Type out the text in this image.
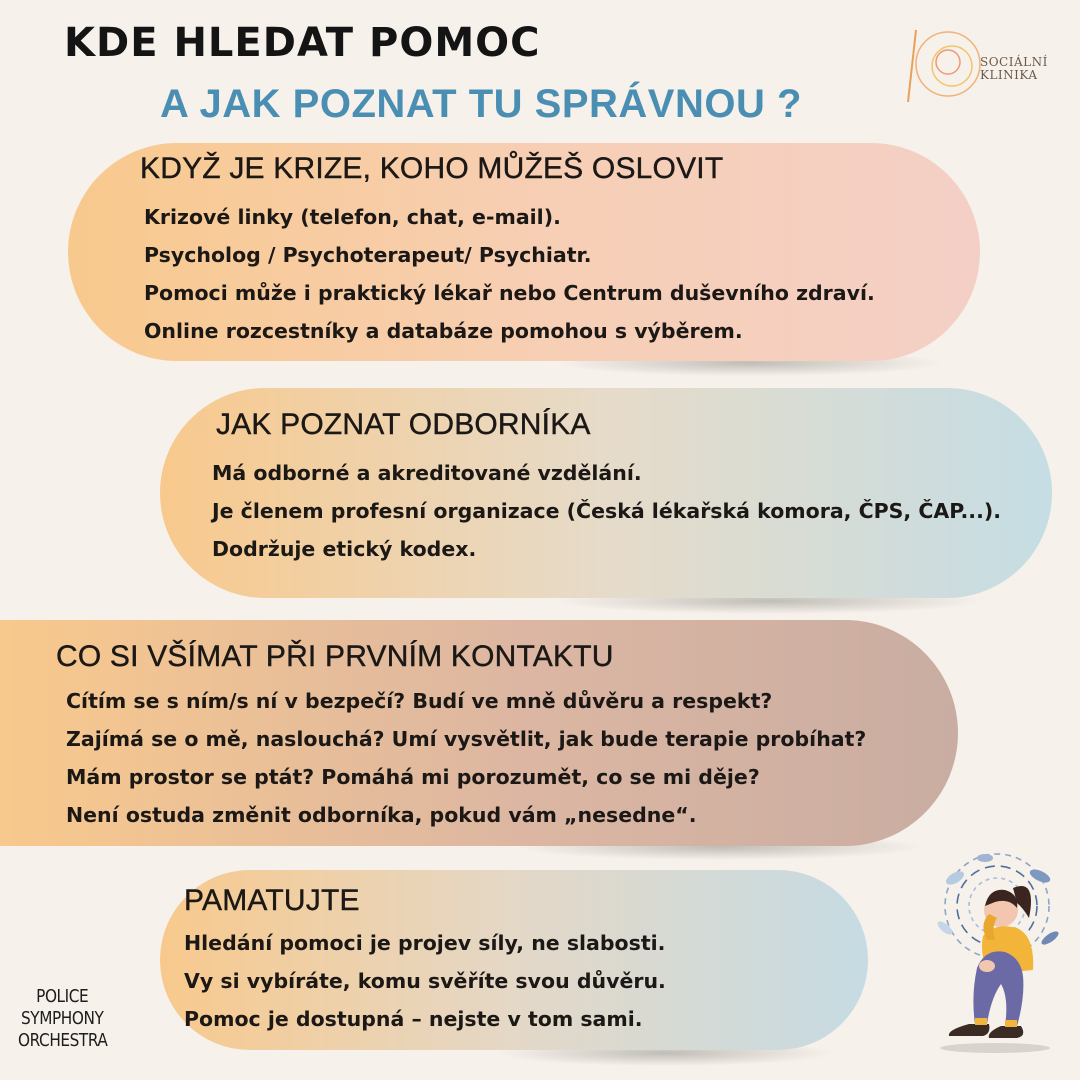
KDE HLEDAT POMOC
A JAK POZNAT TU SPRÁVNOU ?
SOCIÁLNÍ
KLINIKA
KDYŽ JE KRIZE, KOHO MŮŽEŠ OSLOVIT
Krizové linky (telefon, chat, e-mail).
Psycholog / Psychoterapeut/ Psychiatr.
Pomoci může i praktický lékař nebo Centrum duševního zdraví.
Online rozcestníky a databáze pomohou s výběrem.
JAK POZNAT ODBORNÍKA
Má odborné a akreditované vzdělání.
Je členem profesní organizace (Česká lékařská komora, ČPS, ČAP...).
Dodržuje etický kodex.
CO SI VŠÍMAT PŘI PRVNÍM KONTAKTU
Cítím se s ním/s ní v bezpečí? Budí ve mně důvěru a respekt?
Zajímá se o mě, naslouchá? Umí vysvětlit, jak bude terapie probíhat?
Mám prostor se ptát? Pomáhá mi porozumět, co se mi děje?
Není ostuda změnit odborníka, pokud vám „nesedne“.
PAMATUJTE
Hledání pomoci je projev síly, ne slabosti.
Vy si vybíráte, komu svěříte svou důvěru.
Pomoc je dostupná – nejste v tom sami.
POLICE
SYMPHONY
ORCHESTRA
